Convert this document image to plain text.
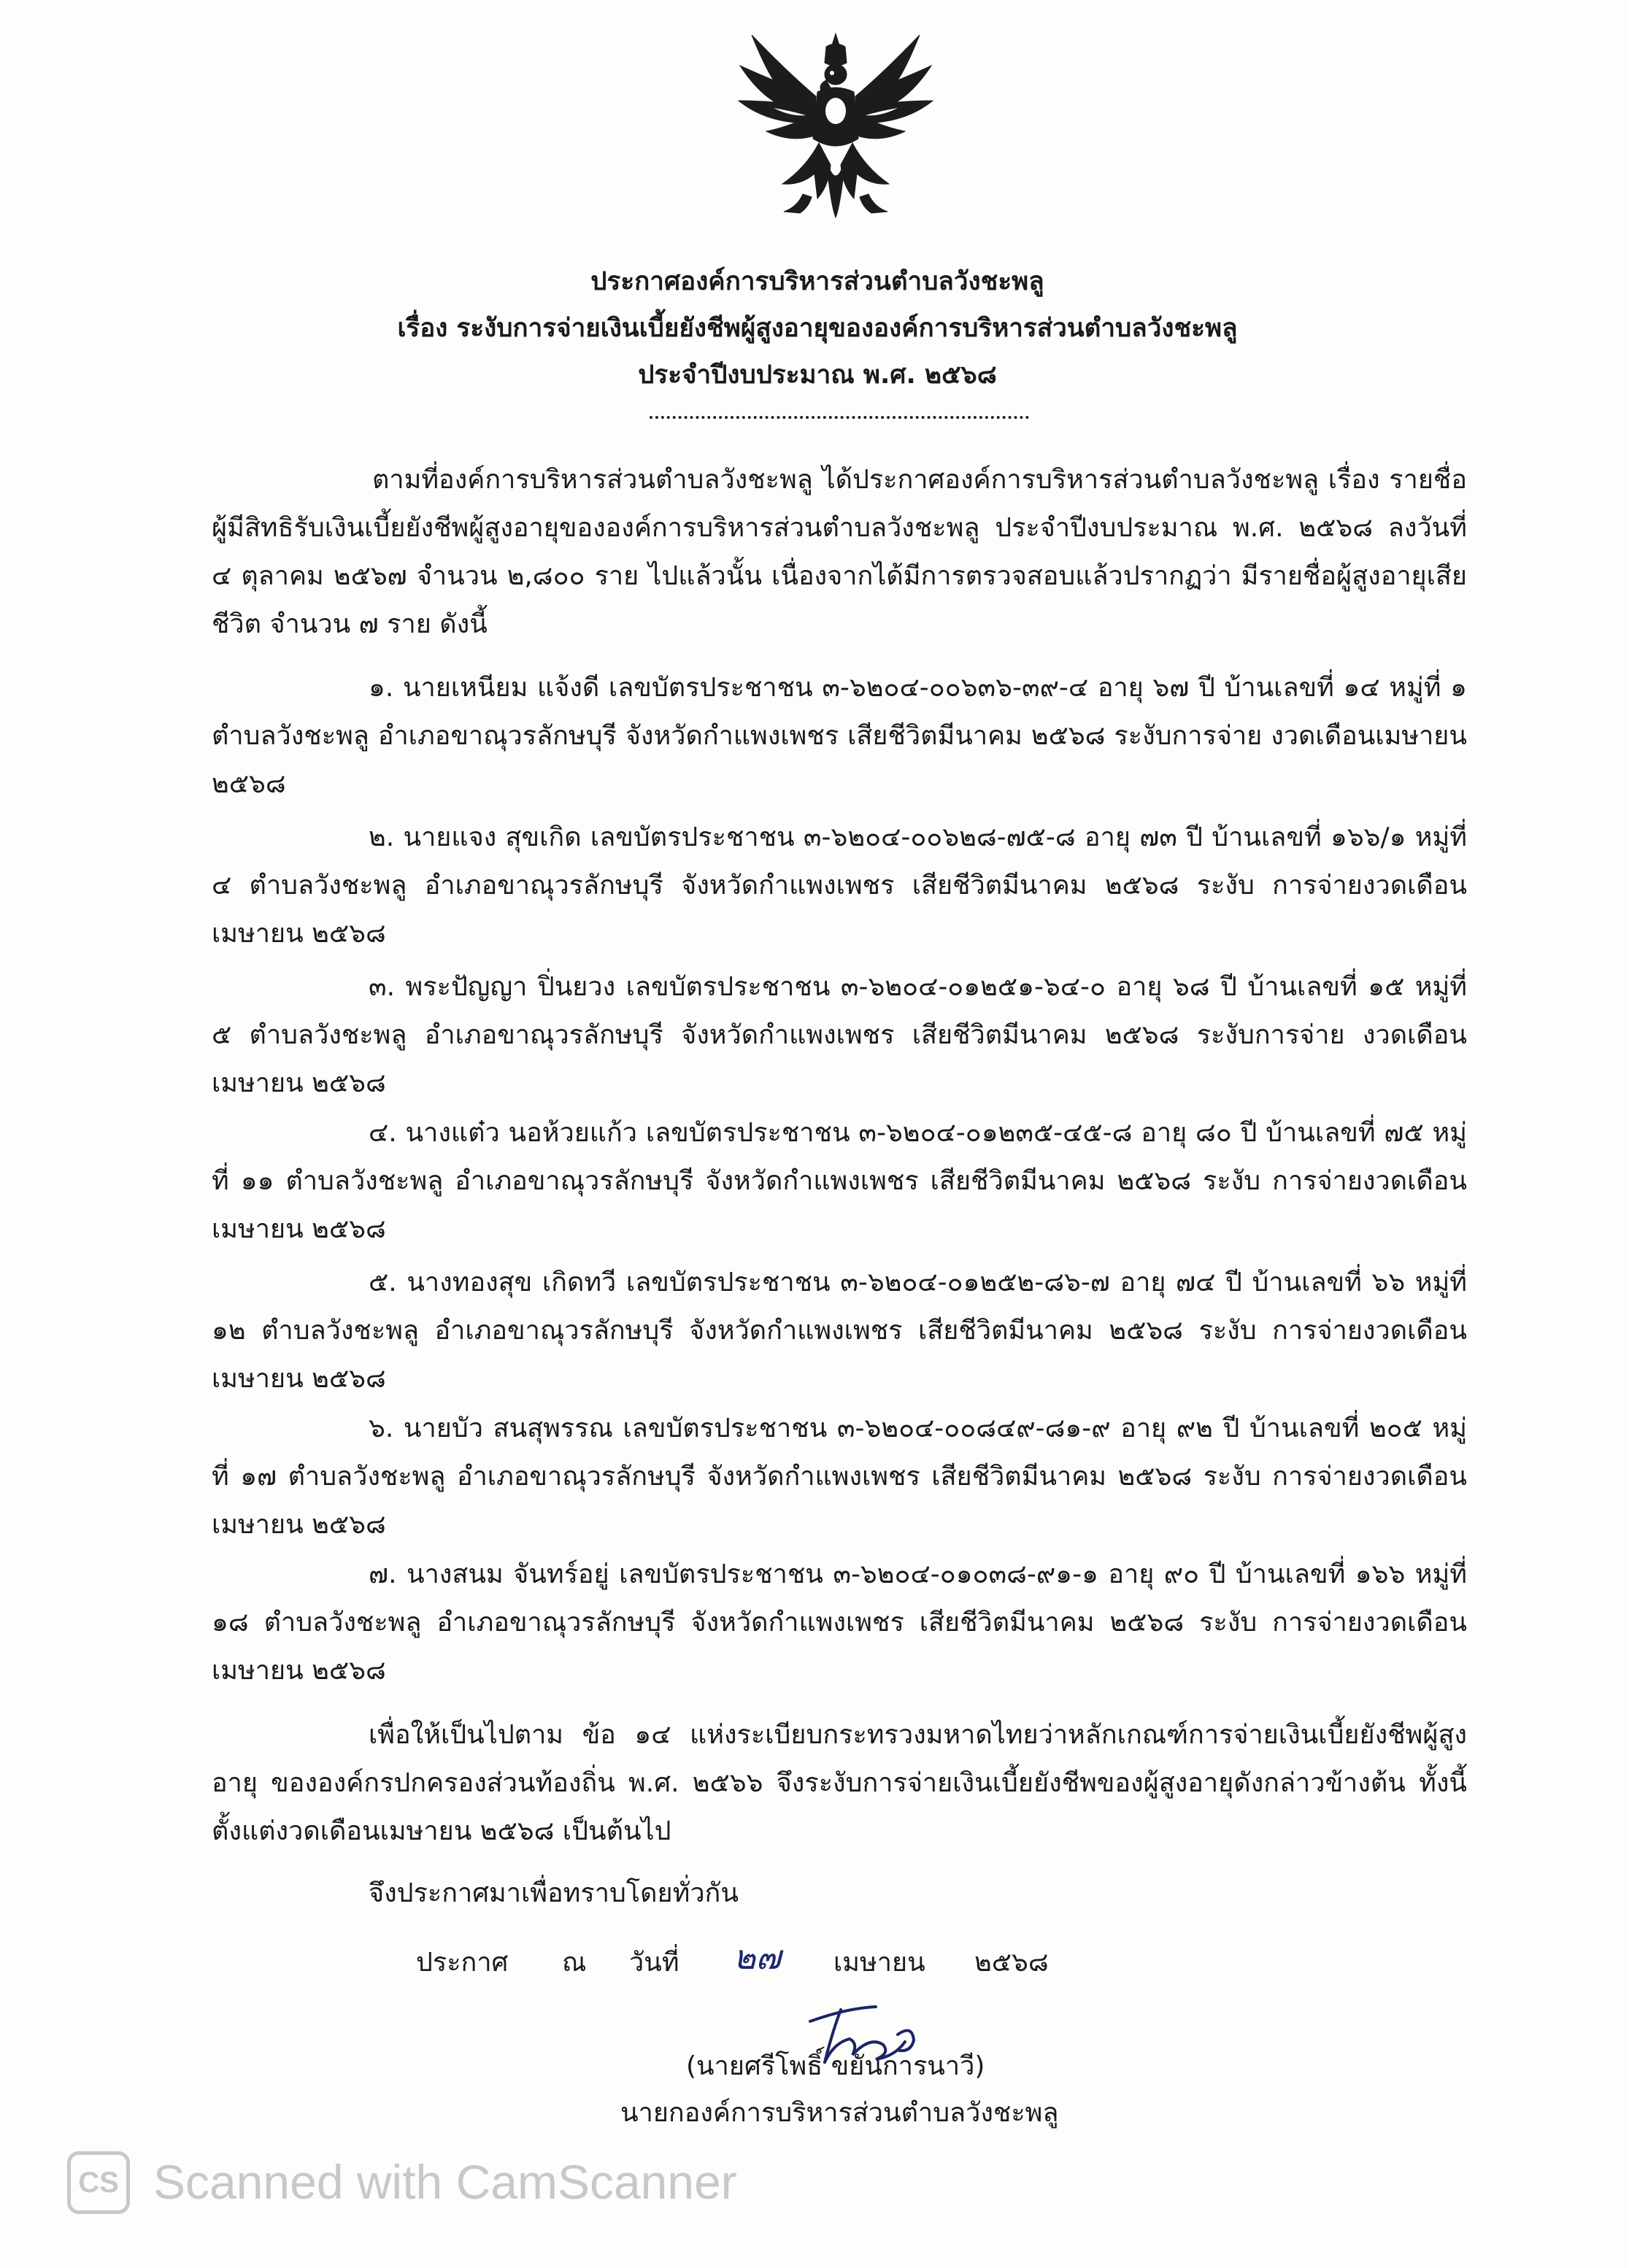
ประกาศองค์การบริหารส่วนตำบลวังชะพลู
เรื่อง ระงับการจ่ายเงินเบี้ยยังชีพผู้สูงอายุขององค์การบริหารส่วนตำบลวังชะพลู
ประจำปีงบประมาณ พ.ศ. ๒๕๖๘
ตามที่องค์การบริหารส่วนตำบลวังชะพลู ได้ประกาศองค์การบริหารส่วนตำบลวังชะพลู เรื่อง รายชื่อผู้มีสิทธิรับเงินเบี้ยยังชีพผู้สูงอายุขององค์การบริหารส่วนตำบลวังชะพลู ประจำปีงบประมาณ พ.ศ. ๒๕๖๘ ลงวันที่ ๔ ตุลาคม ๒๕๖๗ จำนวน ๒,๘๐๐ ราย ไปแล้วนั้น เนื่องจากได้มีการตรวจสอบแล้วปรากฏว่า มีรายชื่อผู้สูงอายุเสียชีวิต จำนวน ๗ ราย ดังนี้
๑. นายเหนียม แจ้งดี เลขบัตรประชาชน ๓-๖๒๐๔-๐๐๖๓๖-๓๙-๔ อายุ ๖๗ ปี บ้านเลขที่ ๑๔ หมู่ที่ ๑ ตำบลวังชะพลู อำเภอขาณุวรลักษบุรี จังหวัดกำแพงเพชร เสียชีวิตมีนาคม ๒๕๖๘ ระงับการจ่าย งวดเดือนเมษายน ๒๕๖๘
๒. นายแจง สุขเกิด เลขบัตรประชาชน ๓-๖๒๐๔-๐๐๖๒๘-๗๕-๘ อายุ ๗๓ ปี บ้านเลขที่ ๑๖๖/๑ หมู่ที่ ๔ ตำบลวังชะพลู อำเภอขาณุวรลักษบุรี จังหวัดกำแพงเพชร เสียชีวิตมีนาคม ๒๕๖๘ ระงับ การจ่ายงวดเดือนเมษายน ๒๕๖๘
๓. พระปัญญา ปิ่นยวง เลขบัตรประชาชน ๓-๖๒๐๔-๐๑๒๕๑-๖๔-๐ อายุ ๖๘ ปี บ้านเลขที่ ๑๕ หมู่ที่ ๕ ตำบลวังชะพลู อำเภอขาณุวรลักษบุรี จังหวัดกำแพงเพชร เสียชีวิตมีนาคม ๒๕๖๘ ระงับการจ่าย งวดเดือนเมษายน ๒๕๖๘
๔. นางแต๋ว นอห้วยแก้ว เลขบัตรประชาชน ๓-๖๒๐๔-๐๑๒๓๕-๔๕-๘ อายุ ๘๐ ปี บ้านเลขที่ ๗๕ หมู่ที่ ๑๑ ตำบลวังชะพลู อำเภอขาณุวรลักษบุรี จังหวัดกำแพงเพชร เสียชีวิตมีนาคม ๒๕๖๘ ระงับ การจ่ายงวดเดือนเมษายน ๒๕๖๘
๕. นางทองสุข เกิดทวี เลขบัตรประชาชน ๓-๖๒๐๔-๐๑๒๕๒-๘๖-๗ อายุ ๗๔ ปี บ้านเลขที่ ๖๖ หมู่ที่ ๑๒ ตำบลวังชะพลู อำเภอขาณุวรลักษบุรี จังหวัดกำแพงเพชร เสียชีวิตมีนาคม ๒๕๖๘ ระงับ การจ่ายงวดเดือนเมษายน ๒๕๖๘
๖. นายบัว สนสุพรรณ เลขบัตรประชาชน ๓-๖๒๐๔-๐๐๘๔๙-๘๑-๙ อายุ ๙๒ ปี บ้านเลขที่ ๒๐๕ หมู่ที่ ๑๗ ตำบลวังชะพลู อำเภอขาณุวรลักษบุรี จังหวัดกำแพงเพชร เสียชีวิตมีนาคม ๒๕๖๘ ระงับ การจ่ายงวดเดือนเมษายน ๒๕๖๘
๗. นางสนม จันทร์อยู่ เลขบัตรประชาชน ๓-๖๒๐๔-๐๑๐๓๘-๙๑-๑ อายุ ๙๐ ปี บ้านเลขที่ ๑๖๖ หมู่ที่ ๑๘ ตำบลวังชะพลู อำเภอขาณุวรลักษบุรี จังหวัดกำแพงเพชร เสียชีวิตมีนาคม ๒๕๖๘ ระงับ การจ่ายงวดเดือนเมษายน ๒๕๖๘
เพื่อให้เป็นไปตาม ข้อ ๑๔ แห่งระเบียบกระทรวงมหาดไทยว่าหลักเกณฑ์การจ่ายเงินเบี้ยยังชีพผู้สูงอายุ ขององค์กรปกครองส่วนท้องถิ่น พ.ศ. ๒๕๖๖ จึงระงับการจ่ายเงินเบี้ยยังชีพของผู้สูงอายุดังกล่าวข้างต้น ทั้งนี้ ตั้งแต่งวดเดือนเมษายน ๒๕๖๘ เป็นต้นไป
จึงประกาศมาเพื่อทราบโดยทั่วกัน
ประกาศ ณ วันที่ ๒๗ เมษายน ๒๕๖๘
(นายศรีโพธิ์ ขยันการนาวี)
นายกองค์การบริหารส่วนตำบลวังชะพลู
CS Scanned with CamScanner
